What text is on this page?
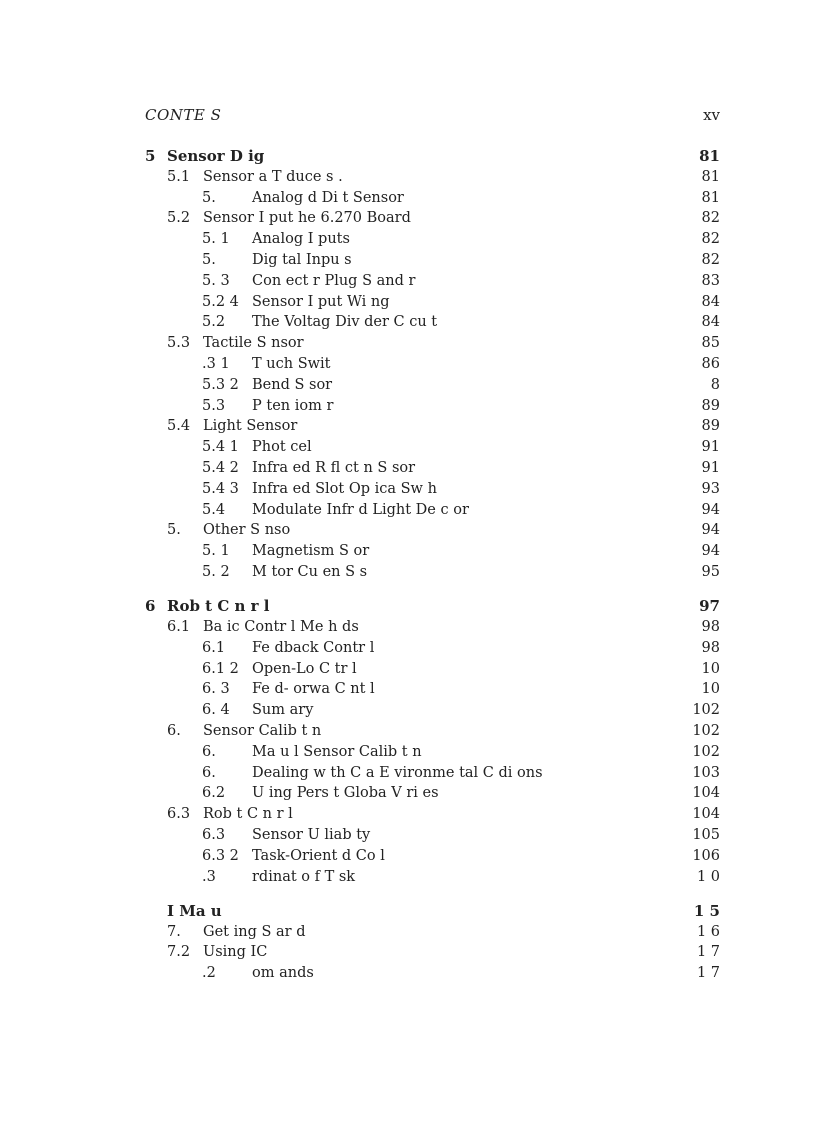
CONTE S	xv
5 Sensor D ig	81
5.1 Sensor a T duce s .	81
5. Analog d Di t Sensor	81
5.2 Sensor I put he 6.270 Board	82
5. 1 Analog I puts	82
5. Dig tal Inpu s	82
5. 3 Con ect r Plug S and r	83
5.2 4 Sensor I put Wi ng	84
5.2 The Voltag Div der C cu t	84
5.3 Tactile S nsor	85
.3 1 T uch Swit	86
5.3 2 Bend S sor	8
5.3 P ten iom r	89
5.4 Light Sensor	89
5.4 1 Phot cel	91
5.4 2 Infra ed R fl ct n S sor	91
5.4 3 Infra ed Slot Op ica Sw h	93
5.4 Modulate Infr d Light De c or	94
5. Other S nso	94
5. 1 Magnetism S or	94
5. 2 M tor Cu en S s	95
6 Rob t C n r l	97
6.1 Ba ic Contr l Me h ds	98
6.1 Fe dback Contr l	98
6.1 2 Open-Lo C tr l	10
6. 3 Fe d- orwa C nt l	10
6. 4 Sum ary	102
6. Sensor Calib t n	102
6. Ma u l Sensor Calib t n	102
6. Dealing w th C a E vironme tal C di ons	103
6.2 U ing Pers t Globa V ri es	104
6.3 Rob t C n r l	104
6.3 Sensor U liab ty	105
6.3 2 Task-Orient d Co l	106
.3 rdinat o f T sk	1 0
I Ma u	1 5
7. Get ing S ar d	1 6
7.2 Using IC	1 7
.2 om ands	1 7
